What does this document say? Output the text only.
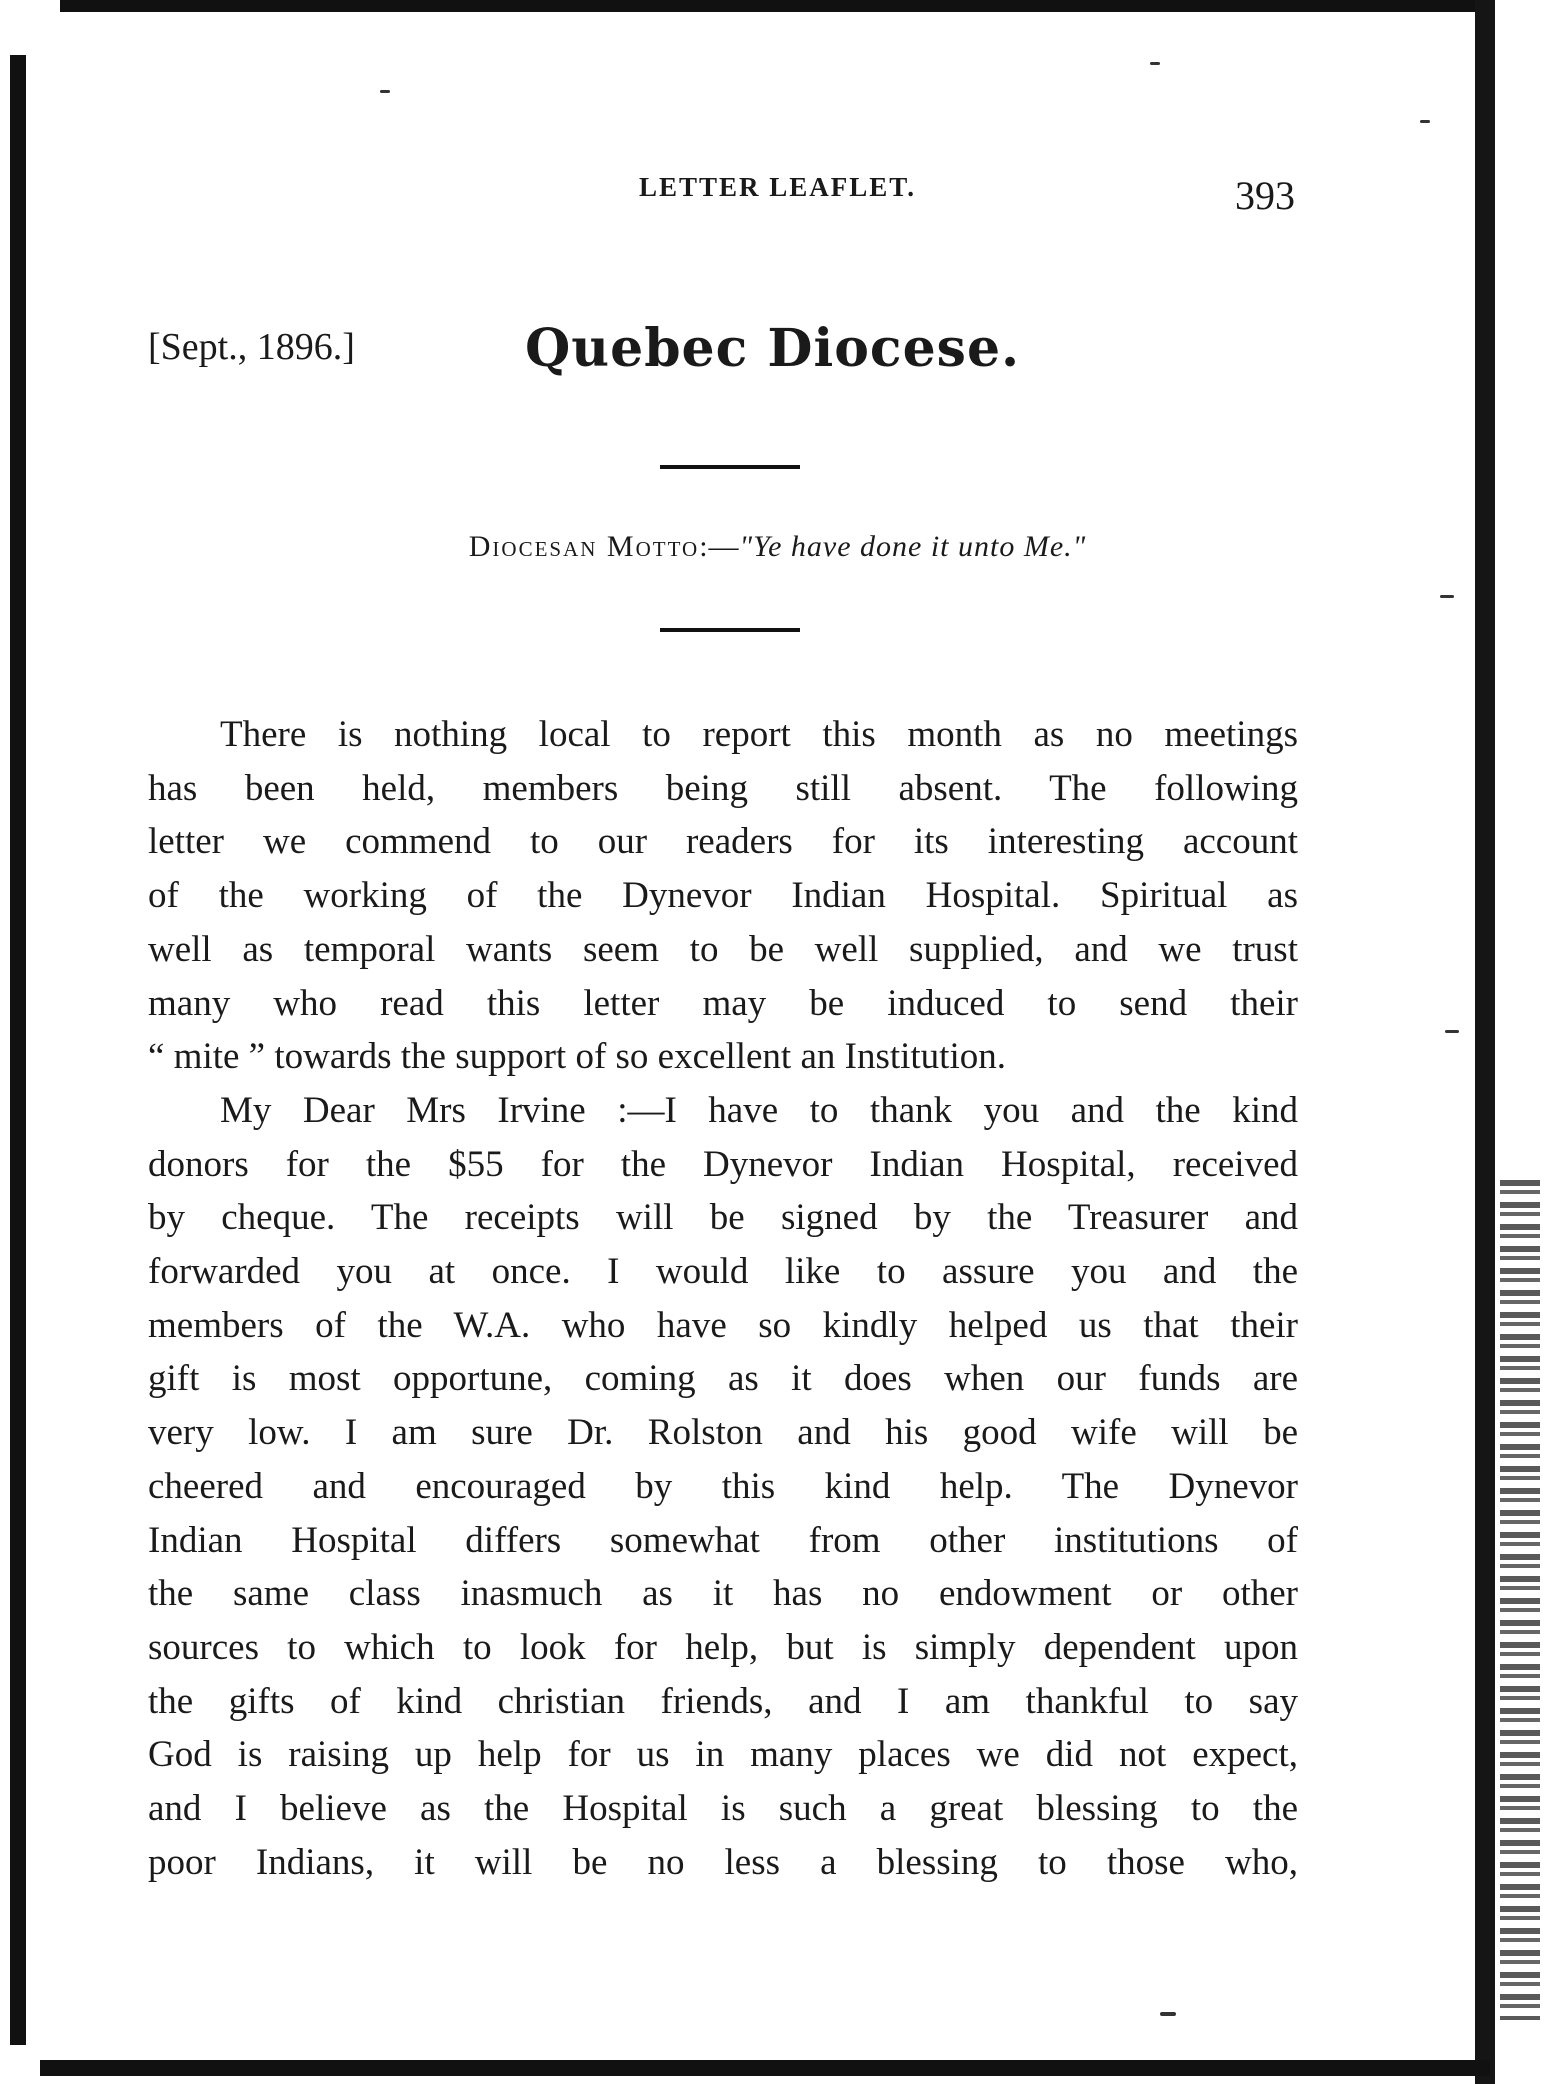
LETTER LEAFLET.	393
[Sept., 1896.]	Quebec Diocese.
Diocesan Motto:—"Ye have done it unto Me."

There is nothing local to report this month as no meetings
has been held, members being still absent. The following
letter we commend to our readers for its interesting account
of the working of the Dynevor Indian Hospital. Spiritual as
well as temporal wants seem to be well supplied, and we trust
many who read this letter may be induced to send their
“ mite ” towards the support of so excellent an Institution.

My Dear Mrs Irvine :—I have to thank you and the kind
donors for the $55 for the Dynevor Indian Hospital, received
by cheque. The receipts will be signed by the Treasurer and
forwarded you at once. I would like to assure you and the
members of the W.A. who have so kindly helped us that their
gift is most opportune, coming as it does when our funds are
very low. I am sure Dr. Rolston and his good wife will be
cheered and encouraged by this kind help. The Dynevor
Indian Hospital differs somewhat from other institutions of
the same class inasmuch as it has no endowment or other
sources to which to look for help, but is simply dependent upon
the gifts of kind christian friends, and I am thankful to say
God is raising up help for us in many places we did not expect,
and I believe as the Hospital is such a great blessing to the
poor Indians, it will be no less a blessing to those who,
